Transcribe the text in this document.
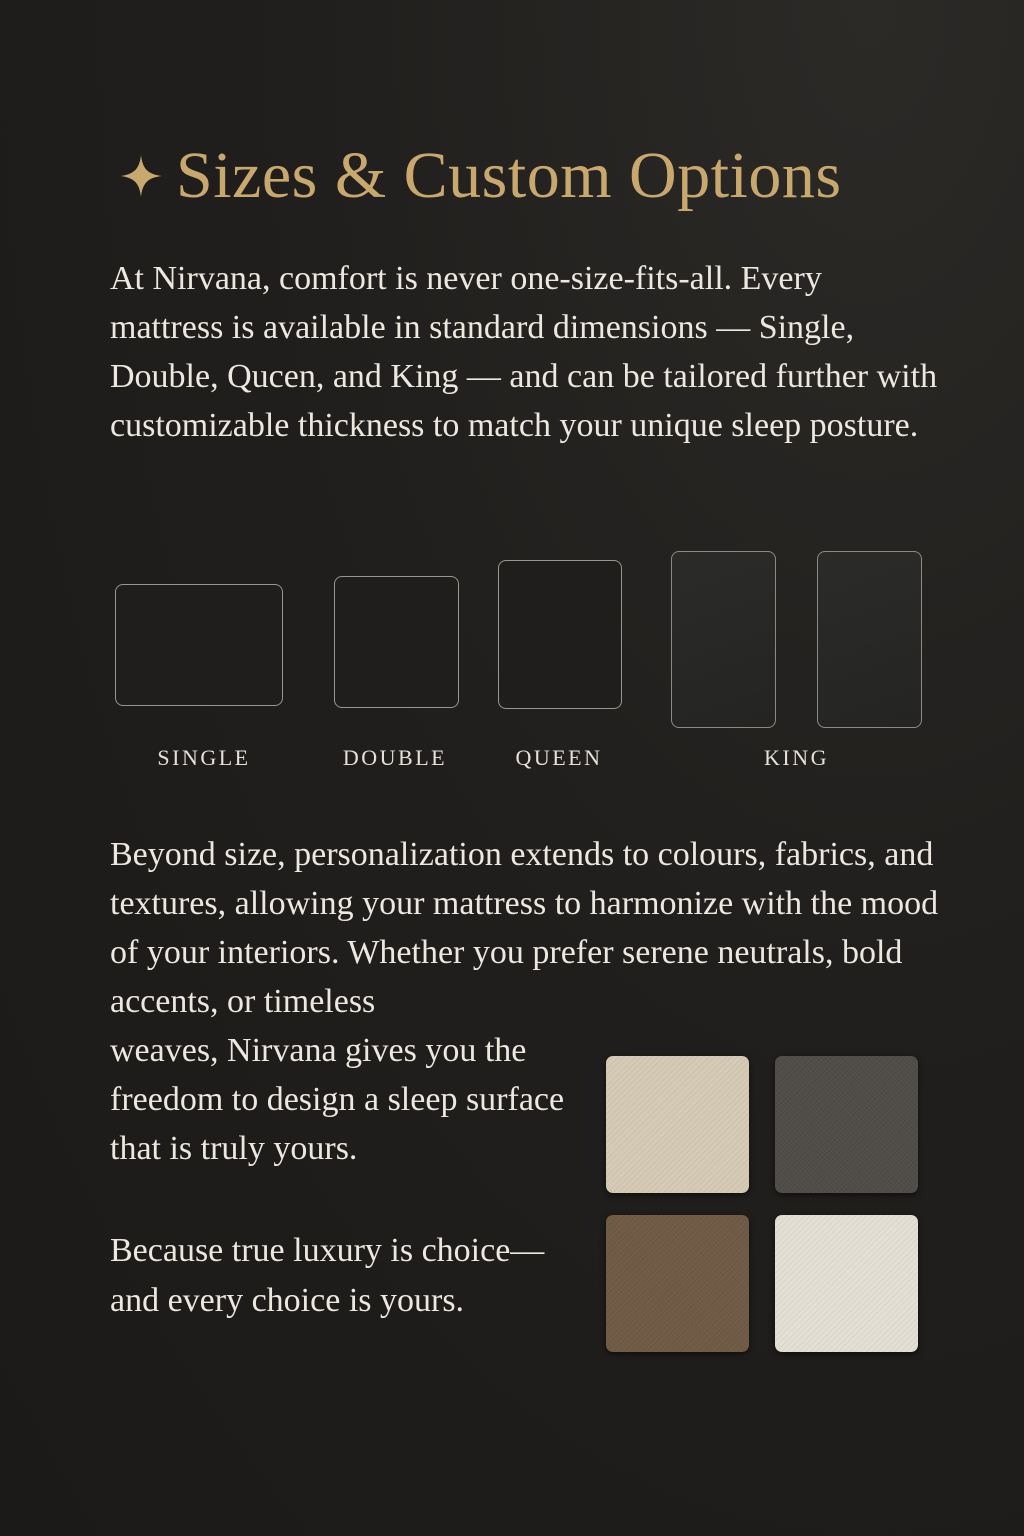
Sizes & Custom Options

At Nirvana, comfort is never one-size-fits-all. Every mattress is available in standard dimensions — Single, Double, Qucen, and King — and can be tailored further with customizable thickness to match your unique sleep posture.

SINGLE	DOUBLE	QUEEN	KING

Beyond size, personalization extends to colours, fabrics, and textures, allowing your mattress to harmonize with the mood of your interiors. Whether you prefer serene neutrals, bold accents, or timeless

weaves, Nirvana gives you the freedom to design a sleep surface that is truly yours.

Because true luxury is choice— and every choice is yours.
